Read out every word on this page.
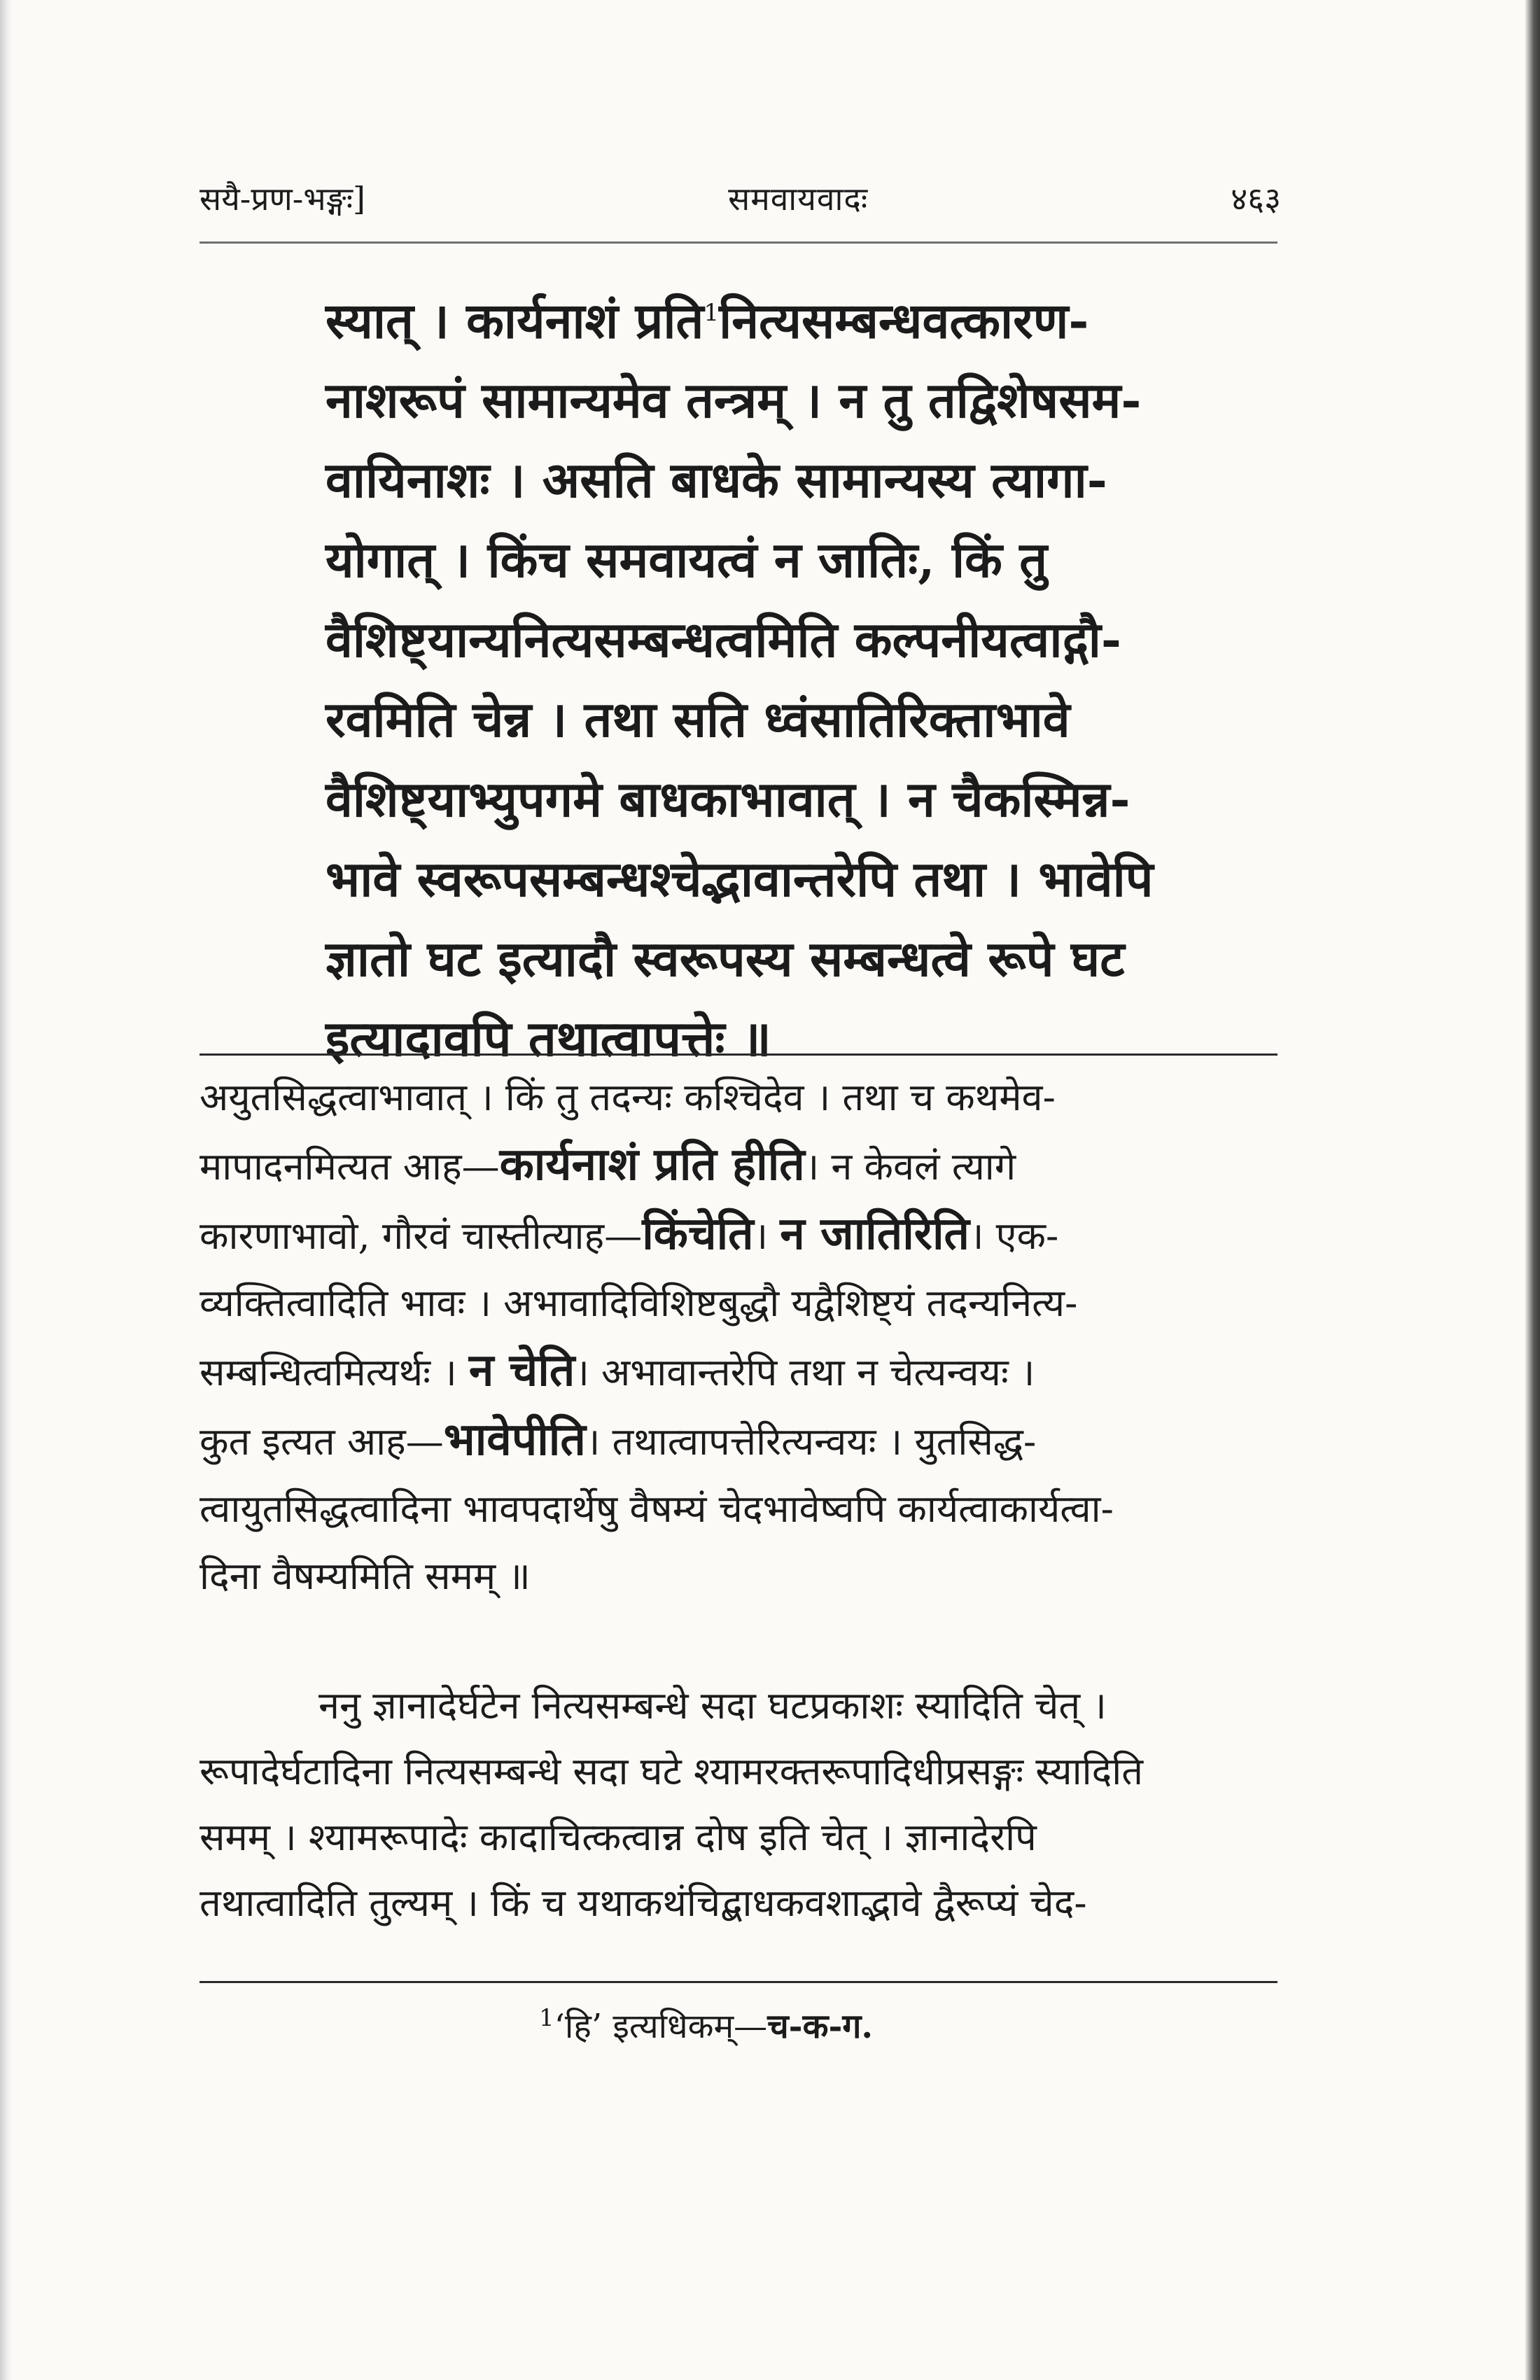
सयै-प्रण-भङ्गः]	समवायवादः	४६३
स्यात् । कार्यनाशं प्रति$^1$नित्यसम्बन्धवत्कारण-
नाशरूपं सामान्यमेव तन्त्रम् । न तु तद्विशेषसम-
वायिनाशः । असति बाधके सामान्यस्य त्यागा-
योगात् । किंच समवायत्वं न जातिः, किं तु
वैशिष्ट्यान्यनित्यसम्बन्धत्वमिति कल्पनीयत्वाद्गौ-
रवमिति चेन्न । तथा सति ध्वंसातिरिक्ताभावे
वैशिष्ट्याभ्युपगमे बाधकाभावात् । न चैकस्मिन्न-
भावे स्वरूपसम्बन्धश्चेद्भावान्तरेपि तथा । भावेपि
ज्ञातो घट इत्यादौ स्वरूपस्य सम्बन्धत्वे रूपे घट
इत्यादावपि तथात्वापत्तेः ॥
अयुतसिद्धत्वाभावात् । किं तु तदन्यः कश्चिदेव । तथा च कथमेव-
मापादनमित्यत आह—कार्यनाशं प्रति हीति। न केवलं त्यागे
कारणाभावो, गौरवं चास्तीत्याह—किंचेति। न जातिरिति। एक-
व्यक्तित्वादिति भावः । अभावादिविशिष्टबुद्धौ यद्वैशिष्ट्यं तदन्यनित्य-
सम्बन्धित्वमित्यर्थः । न चेति। अभावान्तरेपि तथा न चेत्यन्वयः ।
कुत इत्यत आह—भावेपीति। तथात्वापत्तेरित्यन्वयः । युतसिद्ध-
त्वायुतसिद्धत्वादिना भावपदार्थेषु वैषम्यं चेदभावेष्वपि कार्यत्वाकार्यत्वा-
दिना वैषम्यमिति समम् ॥
ननु ज्ञानादेर्घटेन नित्यसम्बन्धे सदा घटप्रकाशः स्यादिति चेत् ।
रूपादेर्घटादिना नित्यसम्बन्धे सदा घटे श्यामरक्तरूपादिधीप्रसङ्गः स्यादिति
समम् । श्यामरूपादेः कादाचित्कत्वान्न दोष इति चेत् । ज्ञानादेरपि
तथात्वादिति तुल्यम् । किं च यथाकथंचिद्बाधकवशाद्भावे द्वैरूप्यं चेद-
$^1$‘हि’ इत्यधिकम्—च-क-ग.
